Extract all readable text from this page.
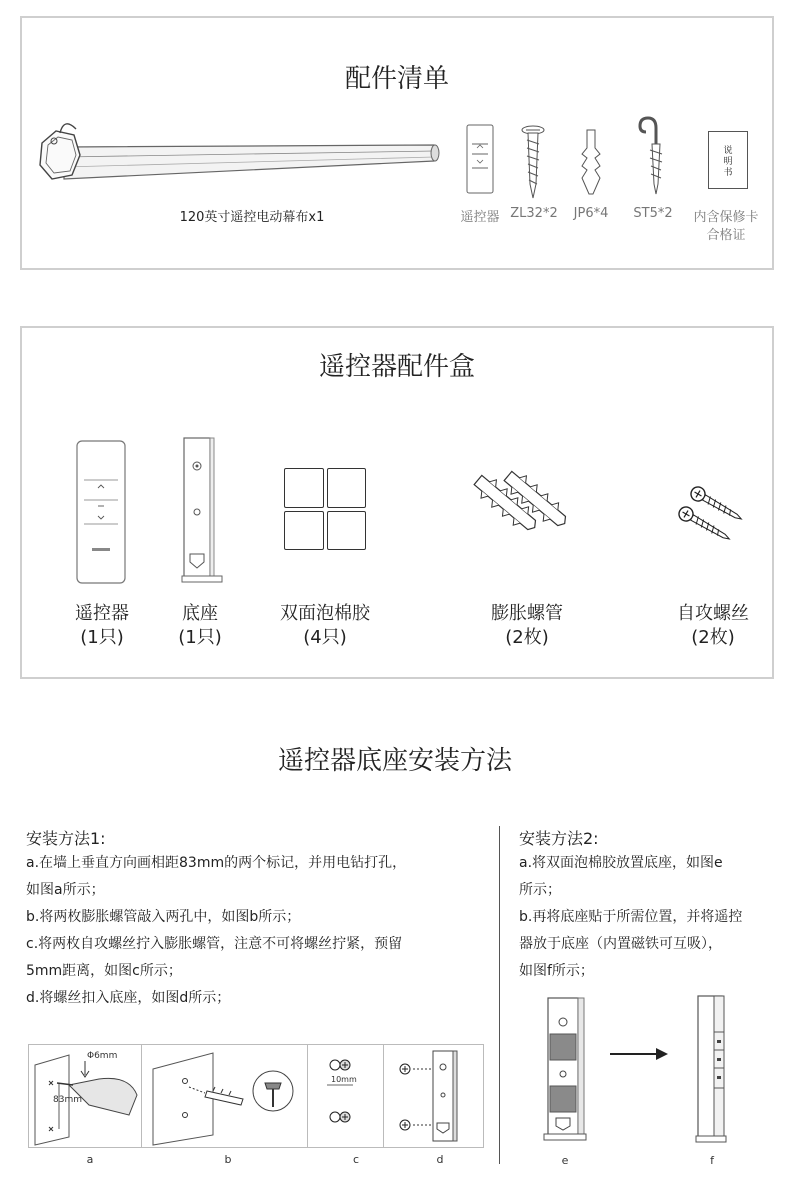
配件清单
120英寸遥控电动幕布x1
说
明
书
遥控器 ZL32*2	JP6*4	ST5*2	内含保修卡
合格证
遥控器配件盒
遥控器
(1只)
底座
(1只)
双面泡棉胶
(4只)
膨胀螺管
(2枚)
自攻螺丝
(2枚)
遥控器底座安装方法
安装方法1:
a.在墙上垂直方向画相距83mm的两个标记，并用电钻打孔，
如图a所示；
b.将两枚膨胀螺管敲入两孔中，如图b所示；
c.将两枚自攻螺丝拧入膨胀螺管，注意不可将螺丝拧紧，预留
5mm距离，如图c所示；
d.将螺丝扣入底座，如图d所示；
Φ6mm
83mm
10mm
a	b	c	d
安装方法2:
a.将双面泡棉胶放置底座，如图e
所示；
b.再将底座贴于所需位置，并将遥控
器放于底座（内置磁铁可互吸），
如图f所示；
e	f
